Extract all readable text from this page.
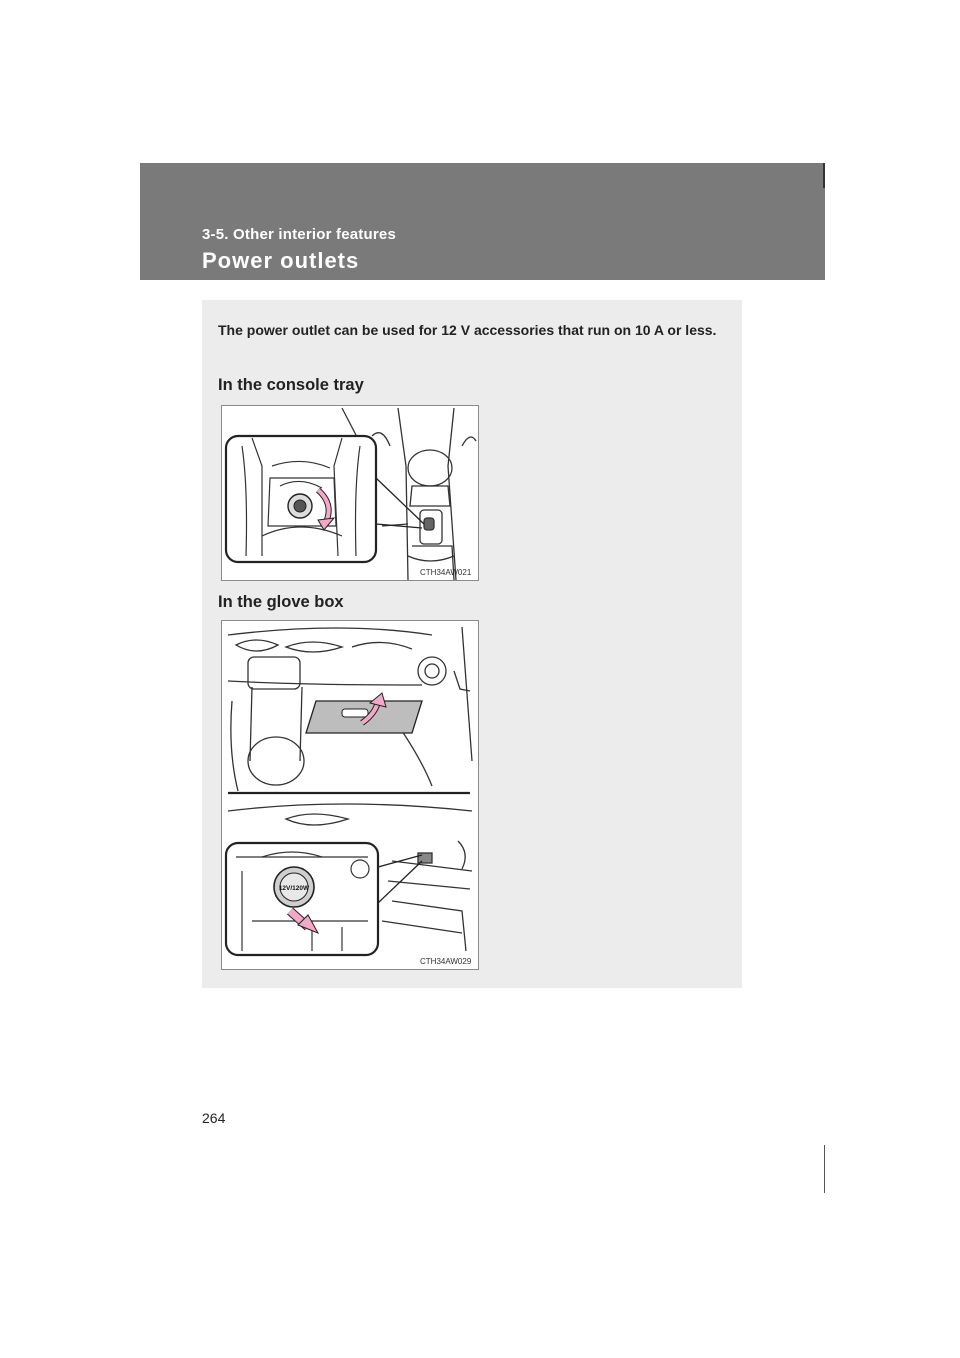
3-5. Other interior features
Power outlets
The power outlet can be used for 12 V accessories that run on 10 A or less.
In the console tray
CTH34AW021
In the glove box
12V/120W
CTH34AW029
264
